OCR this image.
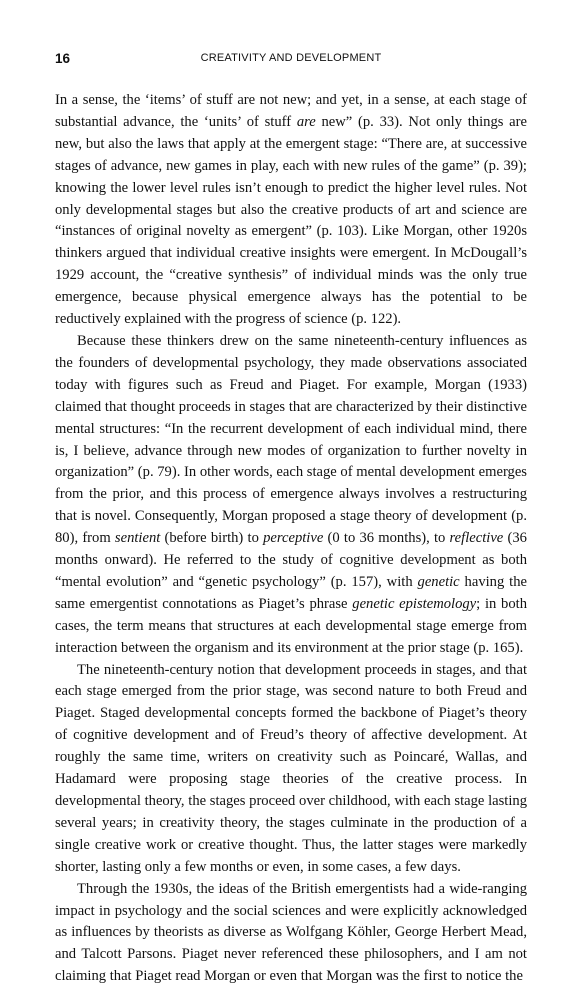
16	CREATIVITY AND DEVELOPMENT

In a sense, the ‘items’ of stuff are not new; and yet, in a sense, at each stage of substantial advance, the ‘units’ of stuff are new” (p. 33). Not only things are new, but also the laws that apply at the emergent stage: “There are, at successive stages of advance, new games in play, each with new rules of the game” (p. 39); knowing the lower level rules isn’t enough to predict the higher level rules. Not only developmental stages but also the creative products of art and science are “instances of original novelty as emergent” (p. 103). Like Morgan, other 1920s thinkers argued that individual creative insights were emergent. In McDougall’s 1929 account, the “creative synthesis” of individual minds was the only true emergence, because physical emergence always has the potential to be reductively explained with the progress of science (p. 122).

Because these thinkers drew on the same nineteenth-century influences as the founders of developmental psychology, they made observations associated today with figures such as Freud and Piaget. For example, Morgan (1933) claimed that thought proceeds in stages that are characterized by their distinctive mental structures: “In the recurrent development of each individual mind, there is, I believe, advance through new modes of organization to further novelty in organization” (p. 79). In other words, each stage of mental development emerges from the prior, and this process of emergence always involves a restructuring that is novel. Consequently, Morgan proposed a stage theory of development (p. 80), from sentient (before birth) to perceptive (0 to 36 months), to reflective (36 months onward). He referred to the study of cognitive development as both “mental evolution” and “genetic psychology” (p. 157), with genetic having the same emergentist connotations as Piaget’s phrase genetic epistemology; in both cases, the term means that structures at each developmental stage emerge from interaction between the organism and its environment at the prior stage (p. 165).

The nineteenth-century notion that development proceeds in stages, and that each stage emerged from the prior stage, was second nature to both Freud and Piaget. Staged developmental concepts formed the backbone of Piaget’s theory of cognitive development and of Freud’s theory of affective development. At roughly the same time, writers on creativity such as Poincaré, Wallas, and Hadamard were proposing stage theories of the creative process. In developmental theory, the stages proceed over childhood, with each stage lasting several years; in creativity theory, the stages culminate in the production of a single creative work or creative thought. Thus, the latter stages were markedly shorter, lasting only a few months or even, in some cases, a few days.

Through the 1930s, the ideas of the British emergentists had a wide-ranging impact in psychology and the social sciences and were explicitly acknowledged as influences by theorists as diverse as Wolfgang Köhler, George Herbert Mead, and Talcott Parsons. Piaget never referenced these philosophers, and I am not claiming that Piaget read Morgan or even that Morgan was the first to notice the
